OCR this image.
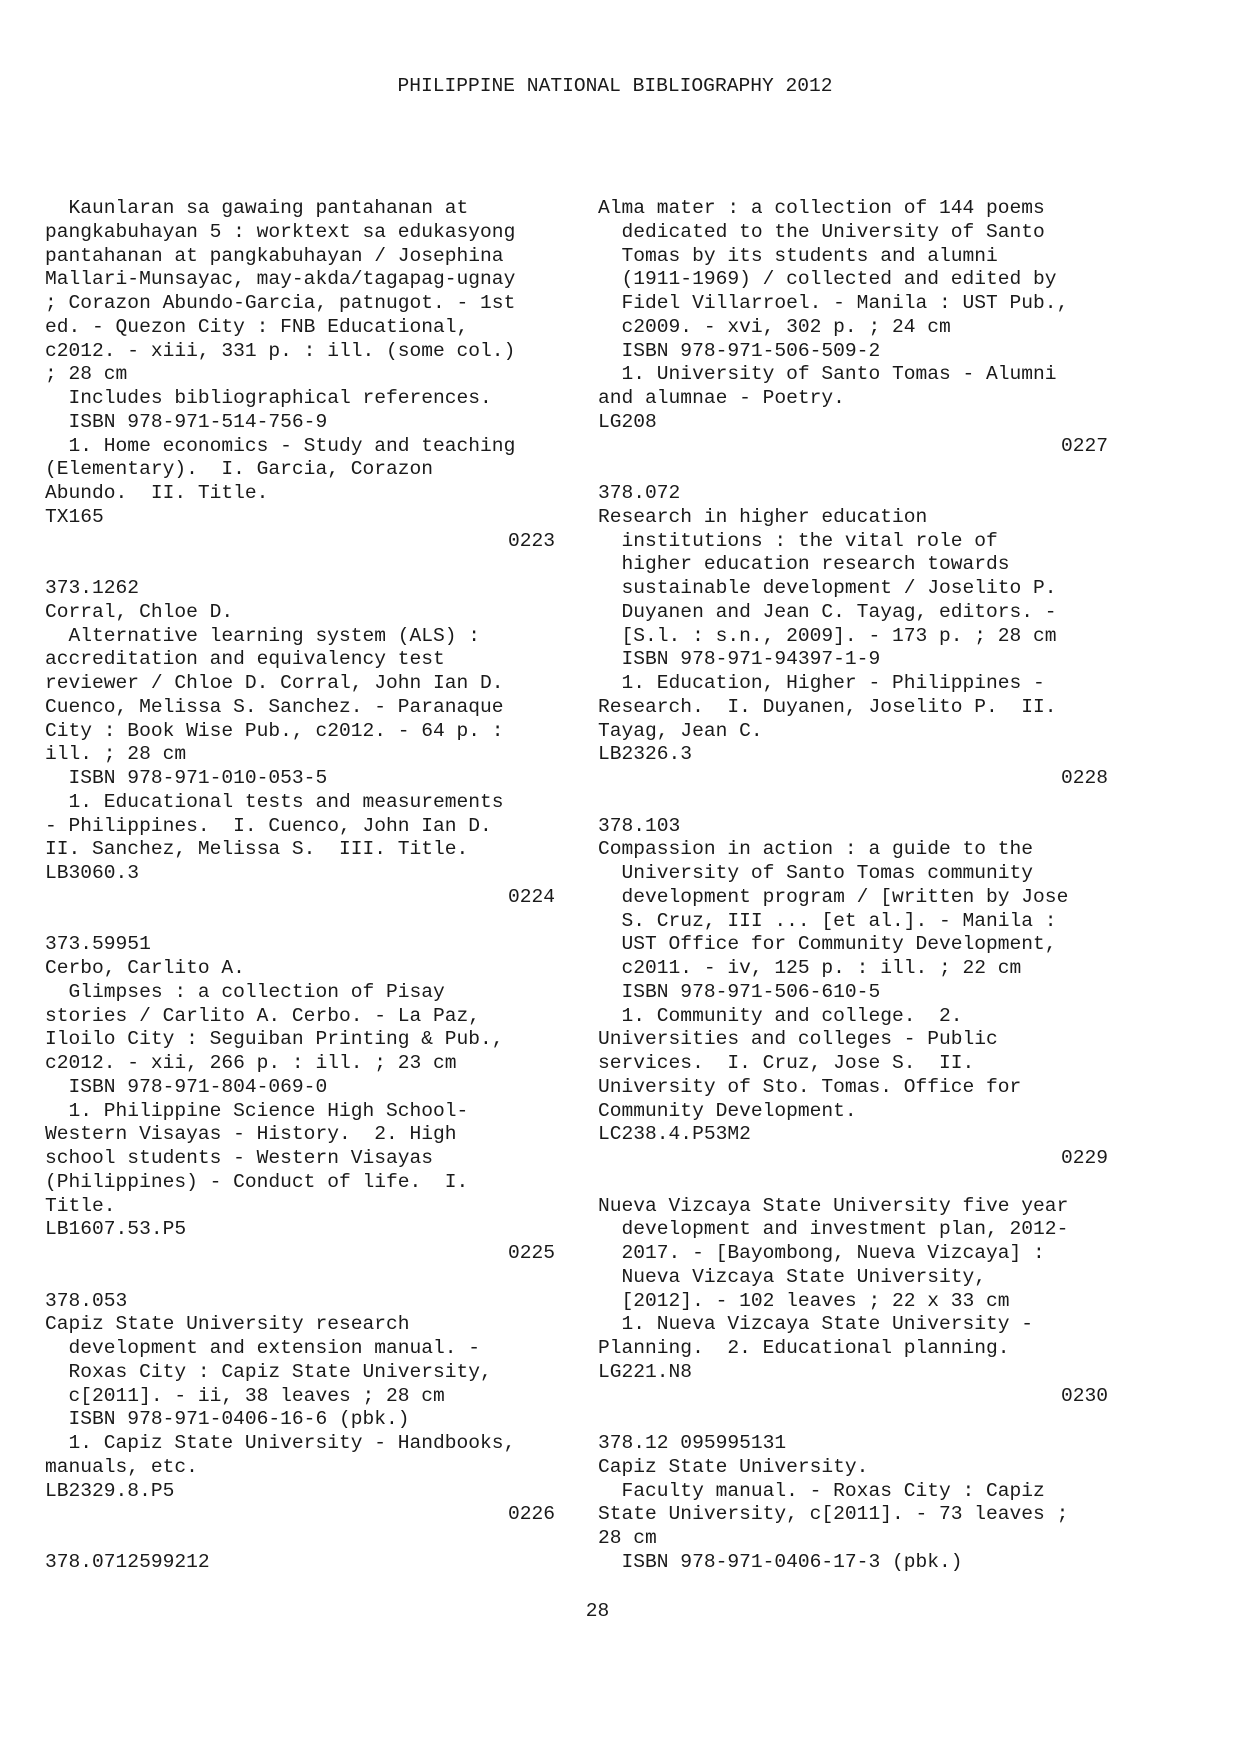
PHILIPPINE NATIONAL BIBLIOGRAPHY 2012
Kaunlaran sa gawaing pantahanan at
pangkabuhayan 5 : worktext sa edukasyong
pantahanan at pangkabuhayan / Josephina
Mallari-Munsayac, may-akda/tagapag-ugnay
; Corazon Abundo-Garcia, patnugot. - 1st
ed. - Quezon City : FNB Educational,
c2012. - xiii, 331 p. : ill. (some col.)
; 28 cm
Includes bibliographical references.
ISBN 978-971-514-756-9
1. Home economics - Study and teaching
(Elementary).  I. Garcia, Corazon
Abundo.  II. Title.
TX165
0223
373.1262
Corral, Chloe D.
Alternative learning system (ALS) :
accreditation and equivalency test
reviewer / Chloe D. Corral, John Ian D.
Cuenco, Melissa S. Sanchez. - Paranaque
City : Book Wise Pub., c2012. - 64 p. :
ill. ; 28 cm
ISBN 978-971-010-053-5
1. Educational tests and measurements
- Philippines.  I. Cuenco, John Ian D.
II. Sanchez, Melissa S.  III. Title.
LB3060.3
0224
373.59951
Cerbo, Carlito A.
Glimpses : a collection of Pisay
stories / Carlito A. Cerbo. - La Paz,
Iloilo City : Seguiban Printing & Pub.,
c2012. - xii, 266 p. : ill. ; 23 cm
ISBN 978-971-804-069-0
1. Philippine Science High School-
Western Visayas - History.  2. High
school students - Western Visayas
(Philippines) - Conduct of life.  I.
Title.
LB1607.53.P5
0225
378.053
Capiz State University research
development and extension manual. -
Roxas City : Capiz State University,
c[2011]. - ii, 38 leaves ; 28 cm
ISBN 978-971-0406-16-6 (pbk.)
1. Capiz State University - Handbooks,
manuals, etc.
LB2329.8.P5
0226
378.0712599212
Alma mater : a collection of 144 poems
dedicated to the University of Santo
Tomas by its students and alumni
(1911-1969) / collected and edited by
Fidel Villarroel. - Manila : UST Pub.,
c2009. - xvi, 302 p. ; 24 cm
ISBN 978-971-506-509-2
1. University of Santo Tomas - Alumni
and alumnae - Poetry.
LG208
0227
378.072
Research in higher education
institutions : the vital role of
higher education research towards
sustainable development / Joselito P.
Duyanen and Jean C. Tayag, editors. -
[S.l. : s.n., 2009]. - 173 p. ; 28 cm
ISBN 978-971-94397-1-9
1. Education, Higher - Philippines -
Research.  I. Duyanen, Joselito P.  II.
Tayag, Jean C.
LB2326.3
0228
378.103
Compassion in action : a guide to the
University of Santo Tomas community
development program / [written by Jose
S. Cruz, III ... [et al.]. - Manila :
UST Office for Community Development,
c2011. - iv, 125 p. : ill. ; 22 cm
ISBN 978-971-506-610-5
1. Community and college.  2.
Universities and colleges - Public
services.  I. Cruz, Jose S.  II.
University of Sto. Tomas. Office for
Community Development.
LC238.4.P53M2
0229
Nueva Vizcaya State University five year
development and investment plan, 2012-
2017. - [Bayombong, Nueva Vizcaya] :
Nueva Vizcaya State University,
[2012]. - 102 leaves ; 22 x 33 cm
1. Nueva Vizcaya State University -
Planning.  2. Educational planning.
LG221.N8
0230
378.12 095995131
Capiz State University.
Faculty manual. - Roxas City : Capiz
State University, c[2011]. - 73 leaves ;
28 cm
ISBN 978-971-0406-17-3 (pbk.)
28
